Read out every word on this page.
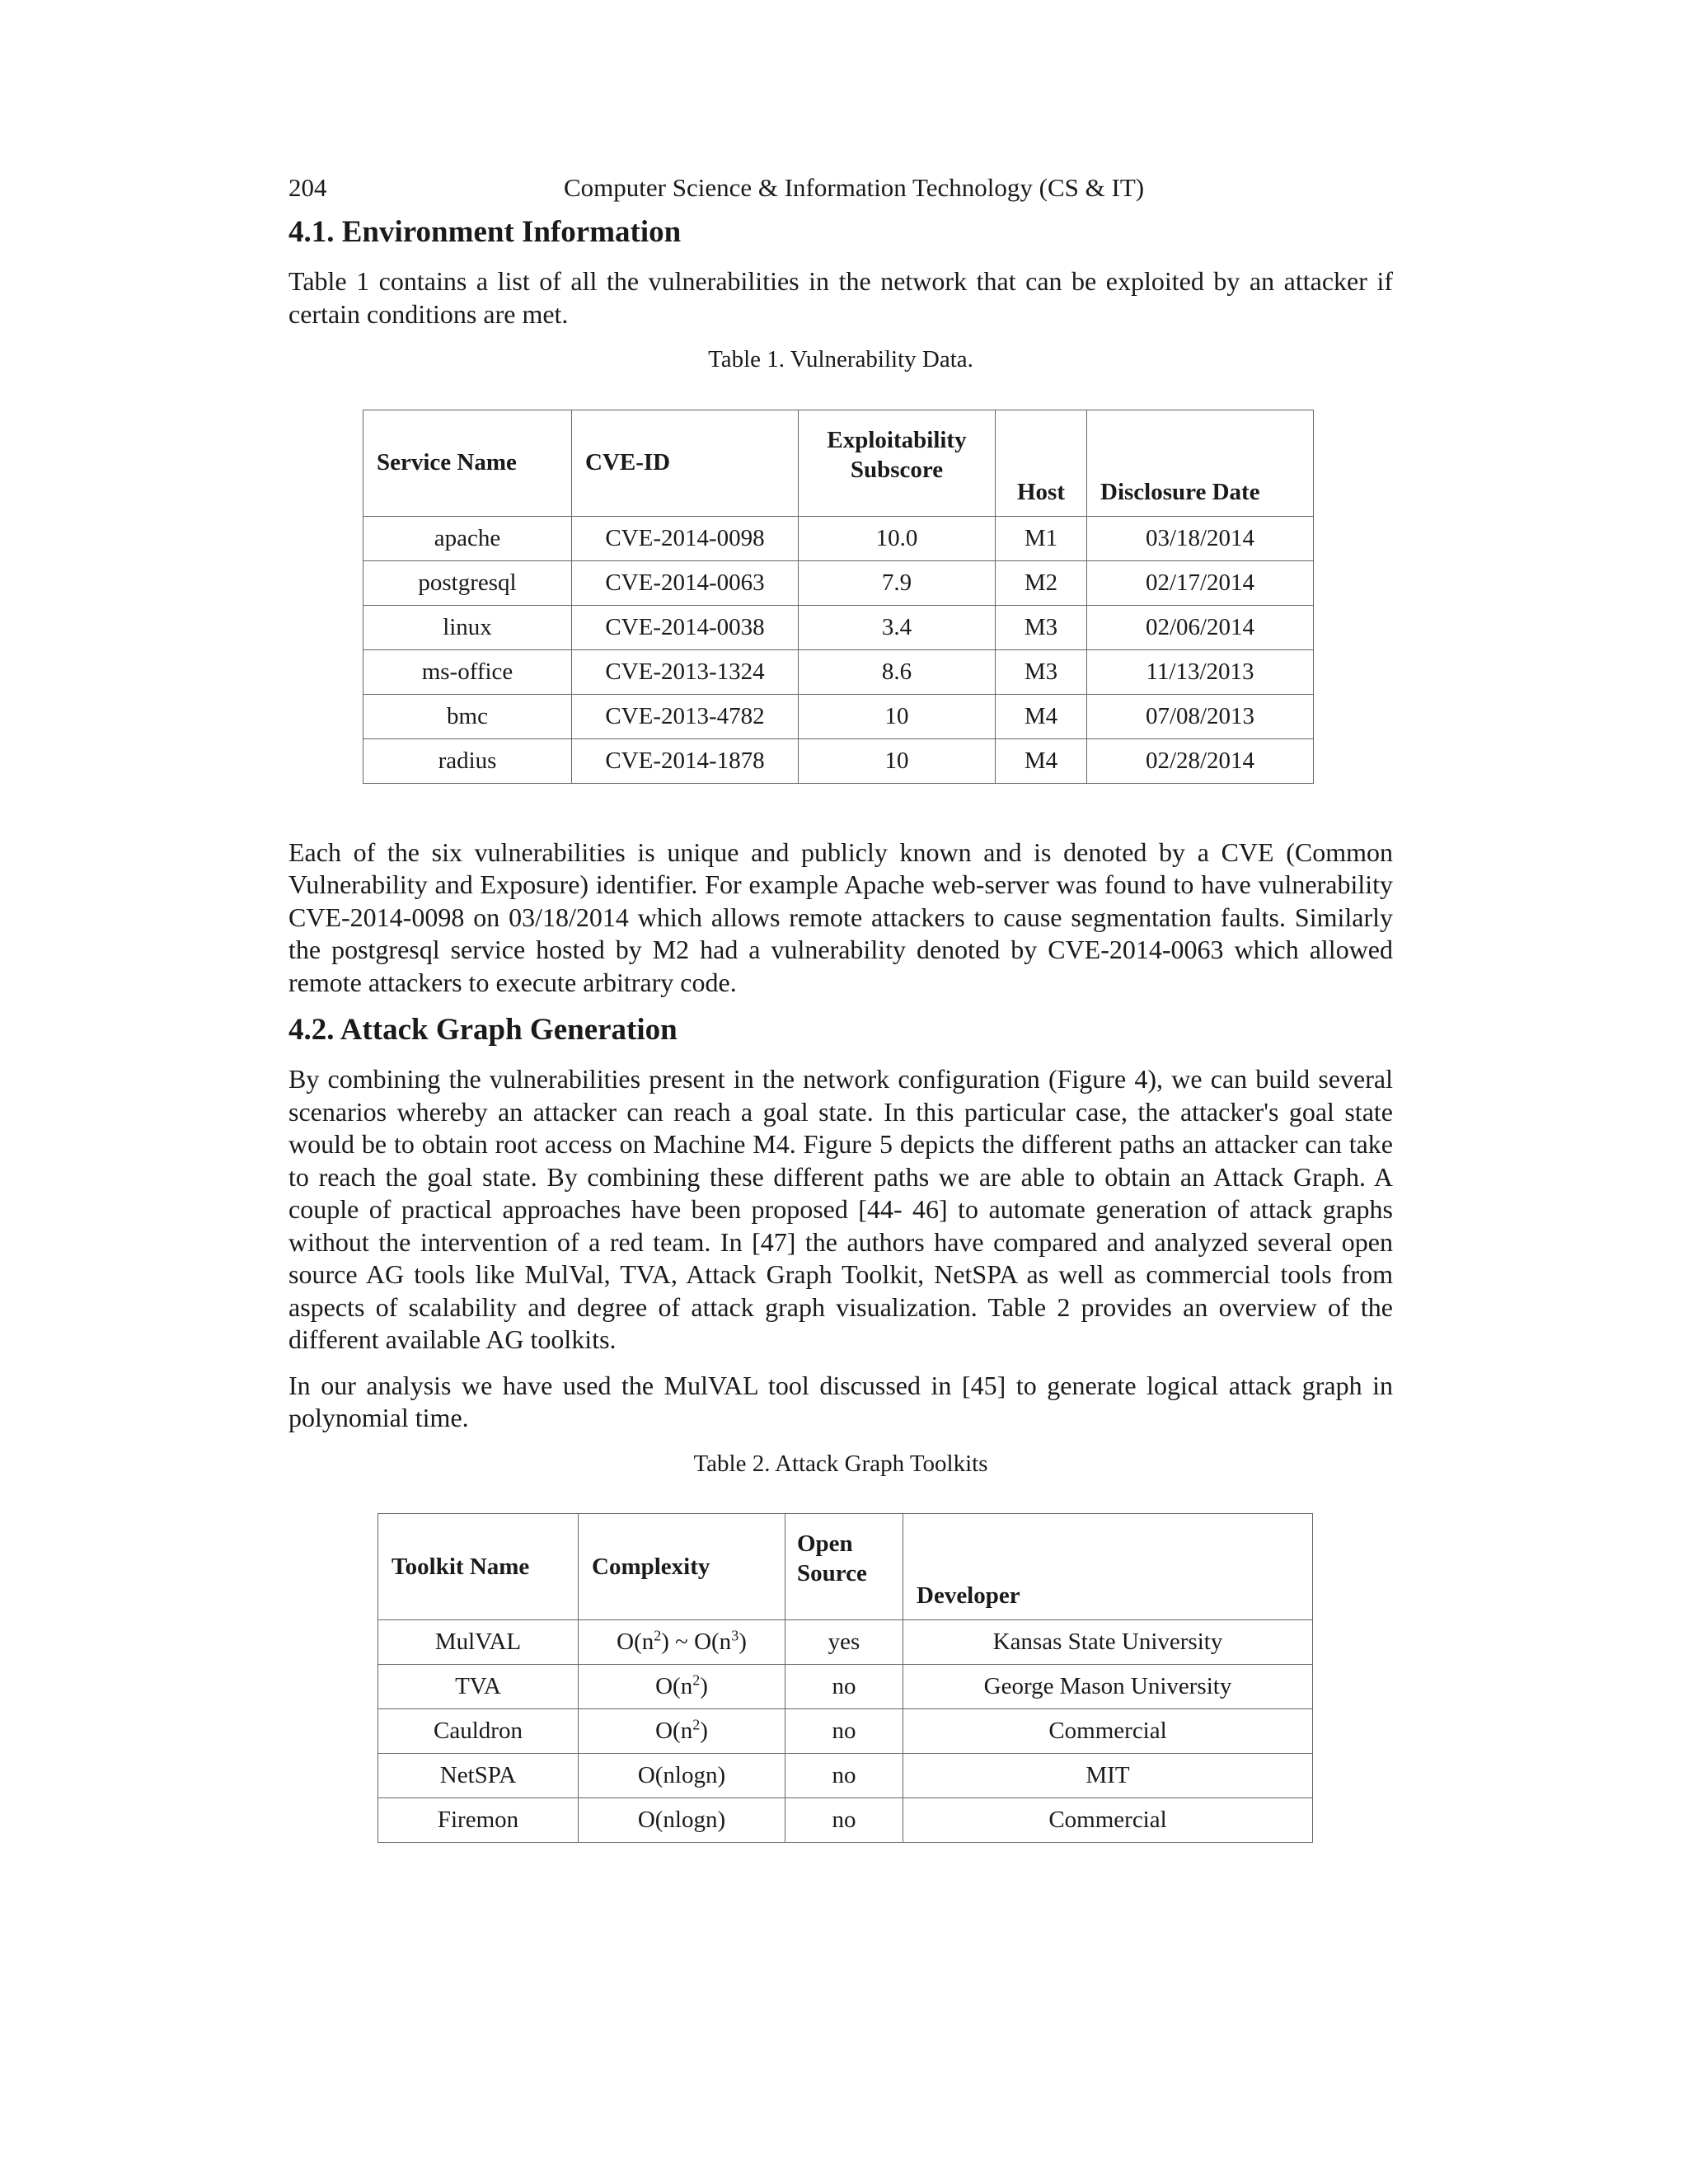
204	Computer Science & Information Technology (CS & IT)
4.1. Environment Information

Table 1 contains a list of all the vulnerabilities in the network that can be exploited by an attacker if certain conditions are met.

Table 1. Vulnerability Data.

Service Name	CVE-ID	Exploitability Subscore	Host	Disclosure Date
apache	CVE-2014-0098	10.0	M1	03/18/2014
postgresql	CVE-2014-0063	7.9	M2	02/17/2014
linux	CVE-2014-0038	3.4	M3	02/06/2014
ms-office	CVE-2013-1324	8.6	M3	11/13/2013
bmc	CVE-2013-4782	10	M4	07/08/2013
radius	CVE-2014-1878	10	M4	02/28/2014

Each of the six vulnerabilities is unique and publicly known and is denoted by a CVE (Common Vulnerability and Exposure) identifier. For example Apache web-server was found to have vulnerability CVE-2014-0098 on 03/18/2014 which allows remote attackers to cause segmentation faults. Similarly the postgresql service hosted by M2 had a vulnerability denoted by CVE-2014-0063 which allowed remote attackers to execute arbitrary code.

4.2. Attack Graph Generation

By combining the vulnerabilities present in the network configuration (Figure 4), we can build several scenarios whereby an attacker can reach a goal state. In this particular case, the attacker's goal state would be to obtain root access on Machine M4. Figure 5 depicts the different paths an attacker can take to reach the goal state. By combining these different paths we are able to obtain an Attack Graph. A couple of practical approaches have been proposed [44- 46] to automate generation of attack graphs without the intervention of a red team. In [47] the authors have compared and analyzed several open source AG tools like MulVal, TVA, Attack Graph Toolkit, NetSPA as well as commercial tools from aspects of scalability and degree of attack graph visualization. Table 2 provides an overview of the different available AG toolkits.

In our analysis we have used the MulVAL tool discussed in [45] to generate logical attack graph in polynomial time.

Table 2. Attack Graph Toolkits

Toolkit Name	Complexity	Open Source	Developer
MulVAL	$O(n^2)$ ~ $O(n^3)$	yes	Kansas State University
TVA	$O(n^2)$	no	George Mason University
Cauldron	$O(n^2)$	no	Commercial
NetSPA	O(nlogn)	no	MIT
Firemon	O(nlogn)	no	Commercial
